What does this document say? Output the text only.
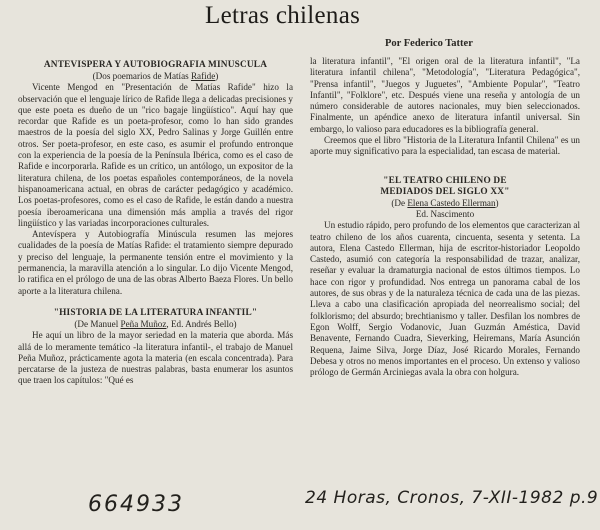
Letras chilenas
Por Federico Tatter
ANTEVISPERA Y AUTOBIOGRAFIA MINUSCULA
(Dos poemarios de Matías Rafide)

Vicente Mengod en "Presentación de Matías Rafide" hizo la observación que el lenguaje lírico de Rafide llega a delicadas precisiones y que este poeta es dueño de un "rico bagaje lingüístico". Aquí hay que recordar que Rafide es un poeta-profesor, como lo han sido grandes maestros de la poesía del siglo XX, Pedro Salinas y Jorge Guillén entre otros. Ser poeta-profesor, en este caso, es asumir el profundo entronque con la experiencia de la poesía de la Península Ibérica, como es el caso de Rafide e incorporarla. Rafide es un crítico, un antólogo, un expositor de la literatura chilena, de los poetas españoles contemporáneos, de la novela hispanoamericana actual, en obras de carácter pedagógico y académico. Los poetas-profesores, como es el caso de Rafide, le están dando a nuestra poesía iberoamericana una dimensión más amplia a través del rigor lingüístico y las variadas incorporaciones culturales.

Antevíspera y Autobiografía Minúscula resumen las mejores cualidades de la poesía de Matías Rafide: el tratamiento siempre depurado y preciso del lenguaje, la permanente tensión entre el movimiento y la permanencia, la maravilla atención a lo singular. Lo dijo Vicente Mengod, lo ratifica en el prólogo de una de las obras Alberto Baeza Flores. Un bello aporte a la literatura chilena.

"HISTORIA DE LA LITERATURA INFANTIL"
(De Manuel Peña Muñoz, Ed. Andrés Bello)

He aquí un libro de la mayor seriedad en la materia que aborda. Más allá de lo meramente temático -la literatura infantil-, el trabajo de Manuel Peña Muñoz, prácticamente agota la materia (en escala concentrada). Para percatarse de la justeza de nuestras palabras, basta enumerar los asuntos que traen los capítulos: "Qué es

la literatura infantil", "El origen oral de la literatura infantil", "La literatura infantil chilena", "Metodología", "Literatura Pedagógica", "Prensa infantil", "Juegos y Juguetes", "Ambiente Popular", "Teatro Infantil", "Folklore", etc. Después viene una reseña y antología de un número considerable de autores nacionales, muy bien seleccionados. Finalmente, un apéndice anexo de literatura infantil universal. Sin embargo, lo valioso para educadores es la bibliografía general.

Creemos que el libro "Historia de la Literatura Infantil Chilena" es un aporte muy significativo para la especialidad, tan escasa de material.

"EL TEATRO CHILENO DE
MEDIADOS DEL SIGLO XX"
(De Elena Castedo Ellerman)
Ed. Nascimento

Un estudio rápido, pero profundo de los elementos que caracterizan al teatro chileno de los años cuarenta, cincuenta, sesenta y setenta. La autora, Elena Castedo Ellerman, hija de escritor-historiador Leopoldo Castedo, asumió con categoría la responsabilidad de trazar, analizar, reseñar y evaluar la dramaturgia nacional de estos últimos tiempos. Lo hace con rigor y profundidad. Nos entrega un panorama cabal de los autores, de sus obras y de la naturaleza técnica de cada una de las piezas. Lleva a cabo una clasificación apropiada del neorrealismo social; del folklorismo; del absurdo; brechtianismo y taller. Desfilan los nombres de Egon Wolff, Sergio Vodanovic, Juan Guzmán Améstica, David Benavente, Fernando Cuadra, Sieverking, Heiremans, María Asunción Requena, Jaime Silva, Jorge Díaz, José Ricardo Morales, Fernando Debesa y otros no menos importantes en el proceso. Un extenso y valioso prólogo de Germán Arciniegas avala la obra con holgura.

664933	24 Horas, Cronos, 7-XII-1982 p.9
